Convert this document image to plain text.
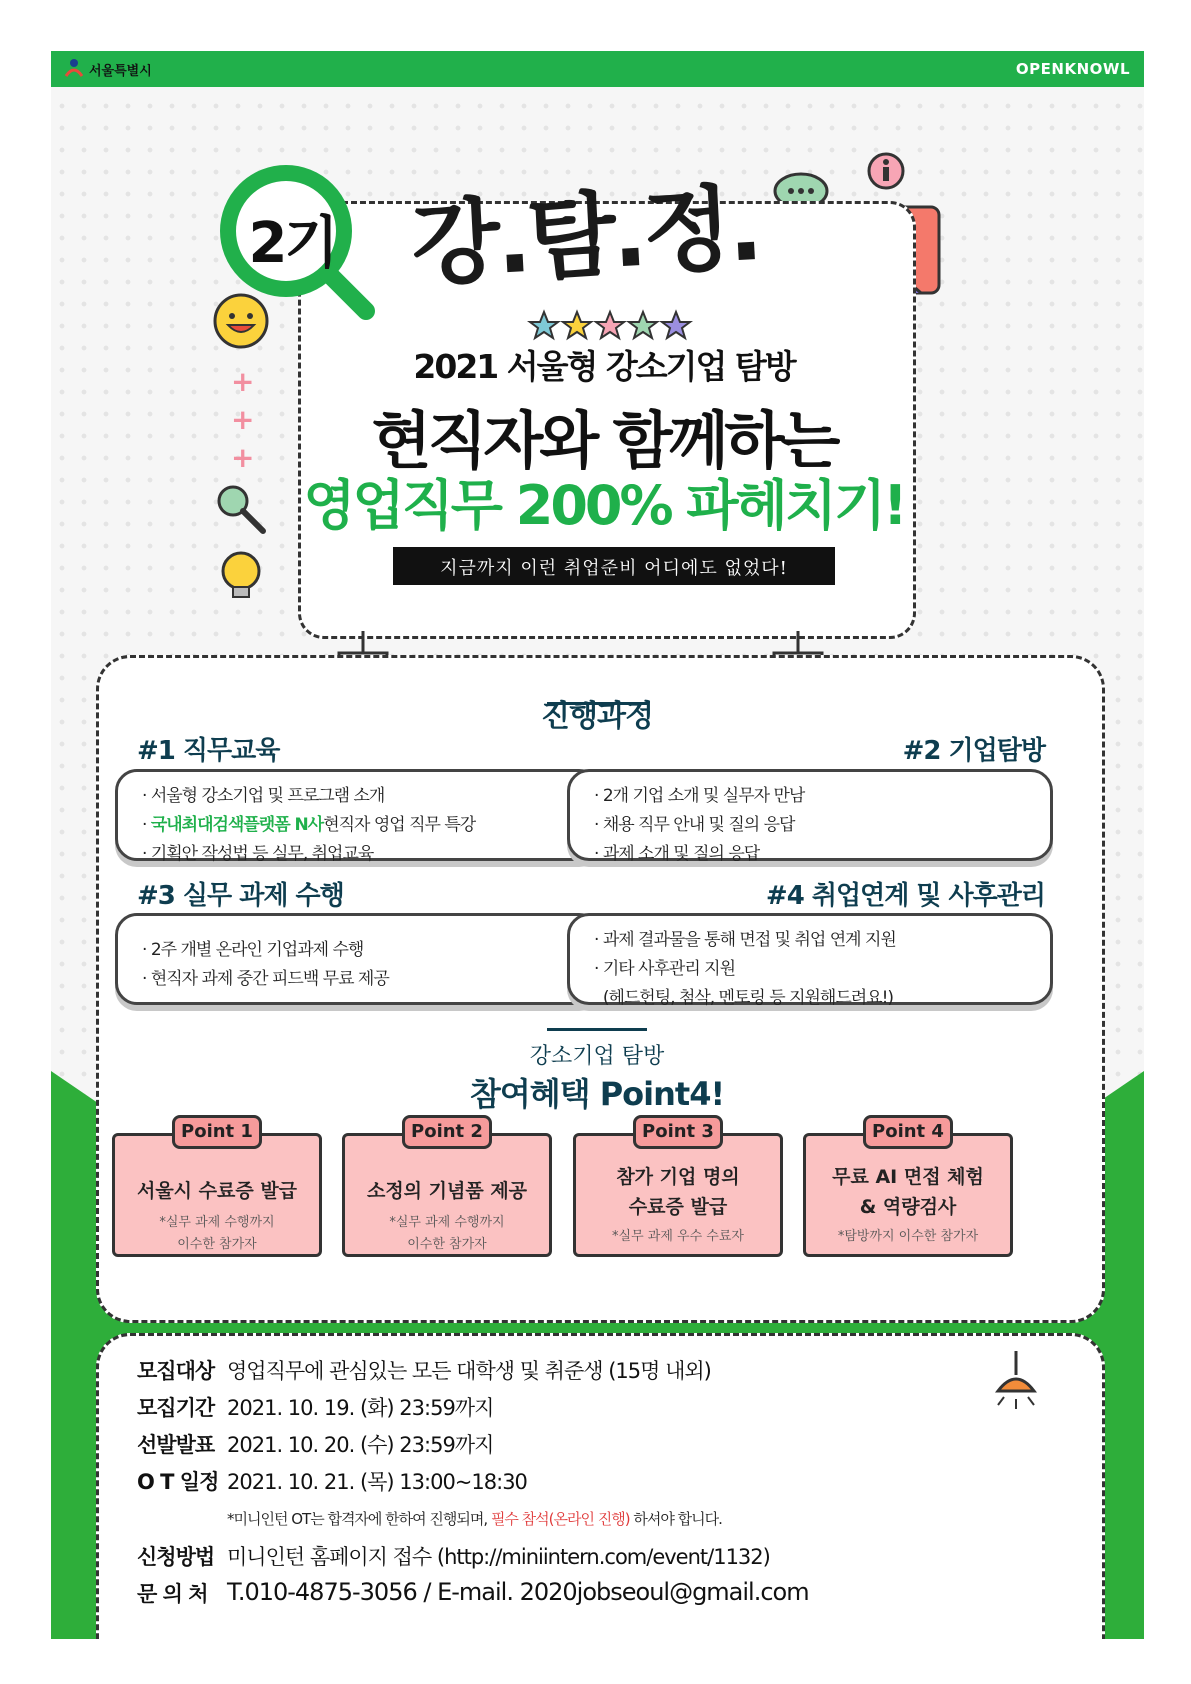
서울특별시	OPENKNOWL
+
+
+
2기 강.탐.정.
2021 서울형 강소기업 탐방
현직자와 함께하는
영업직무 200% 파헤치기!
지금까지 이런 취업준비 어디에도 없었다!
진행과정
#1 직무교육	#2 기업탐방
· 서울형 강소기업 및 프로그램 소개
· 국내최대검색플랫폼 N사현직자 영업 직무 특강
· 기획안 작성법 등 실무, 취업교육
· 2개 기업 소개 및 실무자 만남
· 채용 직무 안내 및 질의 응답
· 과제 소개 및 질의 응답
#3 실무 과제 수행	#4 취업연계 및 사후관리
· 2주 개별 온라인 기업과제 수행
· 현직자 과제 중간 피드백 무료 제공
· 과제 결과물을 통해 면접 및 취업 연계 지원
· 기타 사후관리 지원
(헤드헌팅, 첨삭, 멘토링 등 지원해드려요!)
강소기업 탐방
참여혜택 Point4!
서울시 수료증 발급
*실무 과제 수행까지
이수한 참가자
Point 1
소정의 기념품 제공
*실무 과제 수행까지
이수한 참가자
Point 2
참가 기업 명의
수료증 발급
*실무 과제 우수 수료자
Point 3
무료 AI 면접 체험
& 역량검사
*탐방까지 이수한 참가자
Point 4
모집대상 영업직무에 관심있는 모든 대학생 및 취준생 (15명 내외)
모집기간 2021. 10. 19. (화) 23:59까지
선발발표 2021. 10. 20. (수) 23:59까지
O T 일정 2021. 10. 21. (목) 13:00~18:30
*미니인턴 OT는 합격자에 한하여 진행되며, 필수 참석(온라인 진행) 하셔야 합니다.
신청방법 미니인턴 홈페이지 접수 (http://miniintern.com/event/1132)
문 의 처 T.010-4875-3056 / E-mail. 2020jobseoul@gmail.com
